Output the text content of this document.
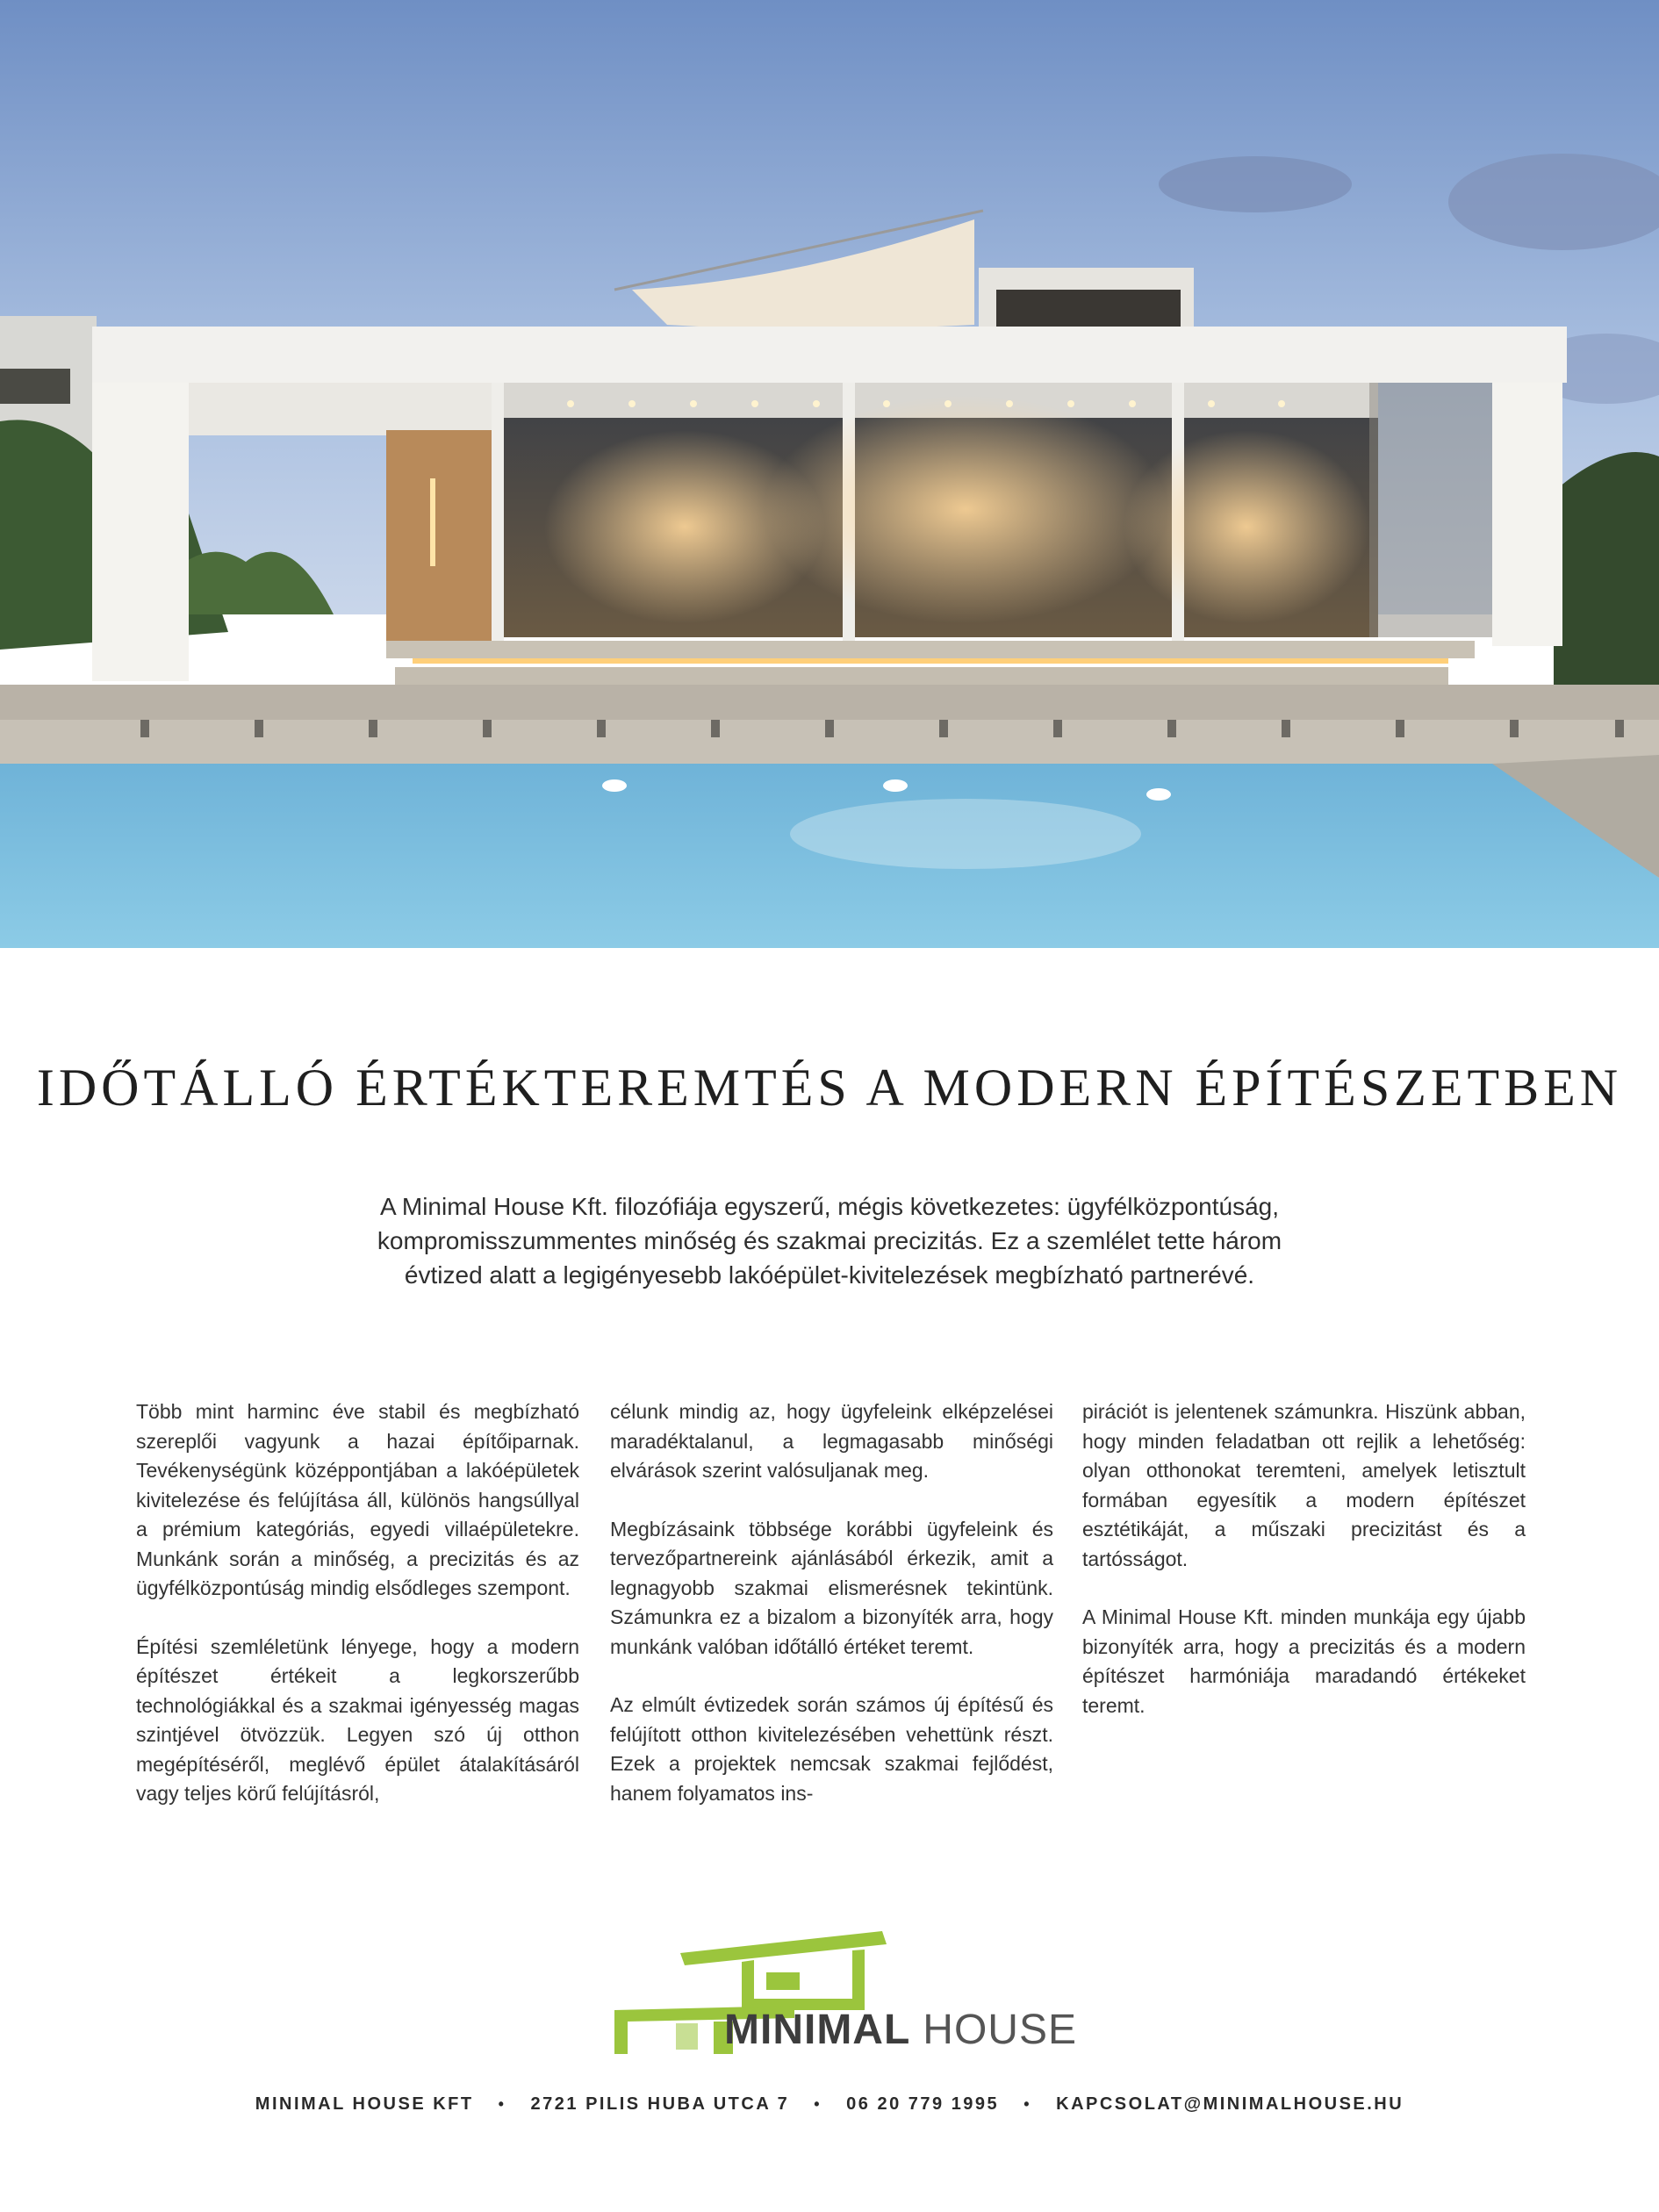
IDŐTÁLLÓ ÉRTÉKTEREMTÉS A MODERN ÉPÍTÉSZETBEN
A Minimal House Kft. filozófiája egyszerű, mégis következetes: ügyfélközpontúság,
kompromisszummentes minőség és szakmai precizitás. Ez a szemlélet tette három
évtized alatt a legigényesebb lakóépület-kivitelezések megbízható partnerévé.

Több mint harminc éve stabil és megbízható szereplői vagyunk a hazai építőiparnak. Tevékenységünk középpontjában a lakóépületek kivitelezése és felújítása áll, különös hangsúllyal a prémium kategóriás, egyedi villaépületekre. Munkánk során a minőség, a precizitás és az ügyfélközpontúság mindig elsődleges szempont.

Építési szemléletünk lényege, hogy a modern építészet értékeit a legkorszerűbb technológiákkal és a szakmai igényesség magas szintjével ötvözzük. Legyen szó új otthon megépítéséről, meglévő épület átalakításáról vagy teljes körű felújításról,

célunk mindig az, hogy ügyfeleink elképzelései maradéktalanul, a legmagasabb minőségi elvárások szerint valósuljanak meg.

Megbízásaink többsége korábbi ügyfeleink és tervezőpartnereink ajánlásából érkezik, amit a legnagyobb szakmai elismerésnek tekintünk. Számunkra ez a bizalom a bizonyíték arra, hogy munkánk valóban időtálló értéket teremt.

Az elmúlt évtizedek során számos új építésű és felújított otthon kivitelezésében vehettünk részt. Ezek a projektek nemcsak szakmai fejlődést, hanem folyamatos ins-

pirációt is jelentenek számunkra. Hiszünk abban, hogy minden feladatban ott rejlik a lehetőség: olyan otthonokat teremteni, amelyek letisztult formában egyesítik a modern építészet esztétikáját, a műszaki precizitást és a tartósságot.

A Minimal House Kft. minden munkája egy újabb bizonyíték arra, hogy a precizitás és a modern építészet harmóniája maradandó értékeket teremt.

MINIMAL HOUSE
MINIMAL HOUSE KFT • 2721 PILIS HUBA UTCA 7 • 06 20 779 1995 • KAPCSOLAT@MINIMALHOUSE.HU
